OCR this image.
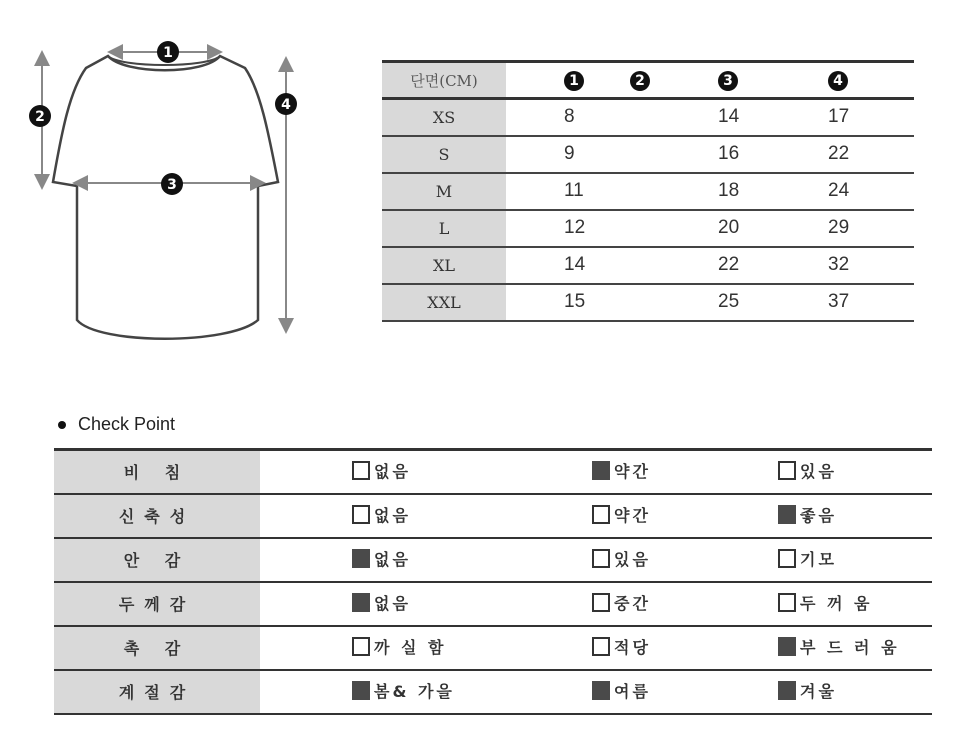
1
2
3
4
단면(CM)	1	2	3	4
XS	8		14	17
S	9		16	22
M	11		18	24
L	12		20	29
XL	14		22	32
XXL	15		25	37
Check Point
비 침	없음	약간	있음

신축성	없음	약간	좋음

안 감	없음	있음	기모

두께감	없음	중간	두 꺼 움

촉 감	까 실 함	적당	부 드 러 움

계절감	봄& 가을	여름	겨울
